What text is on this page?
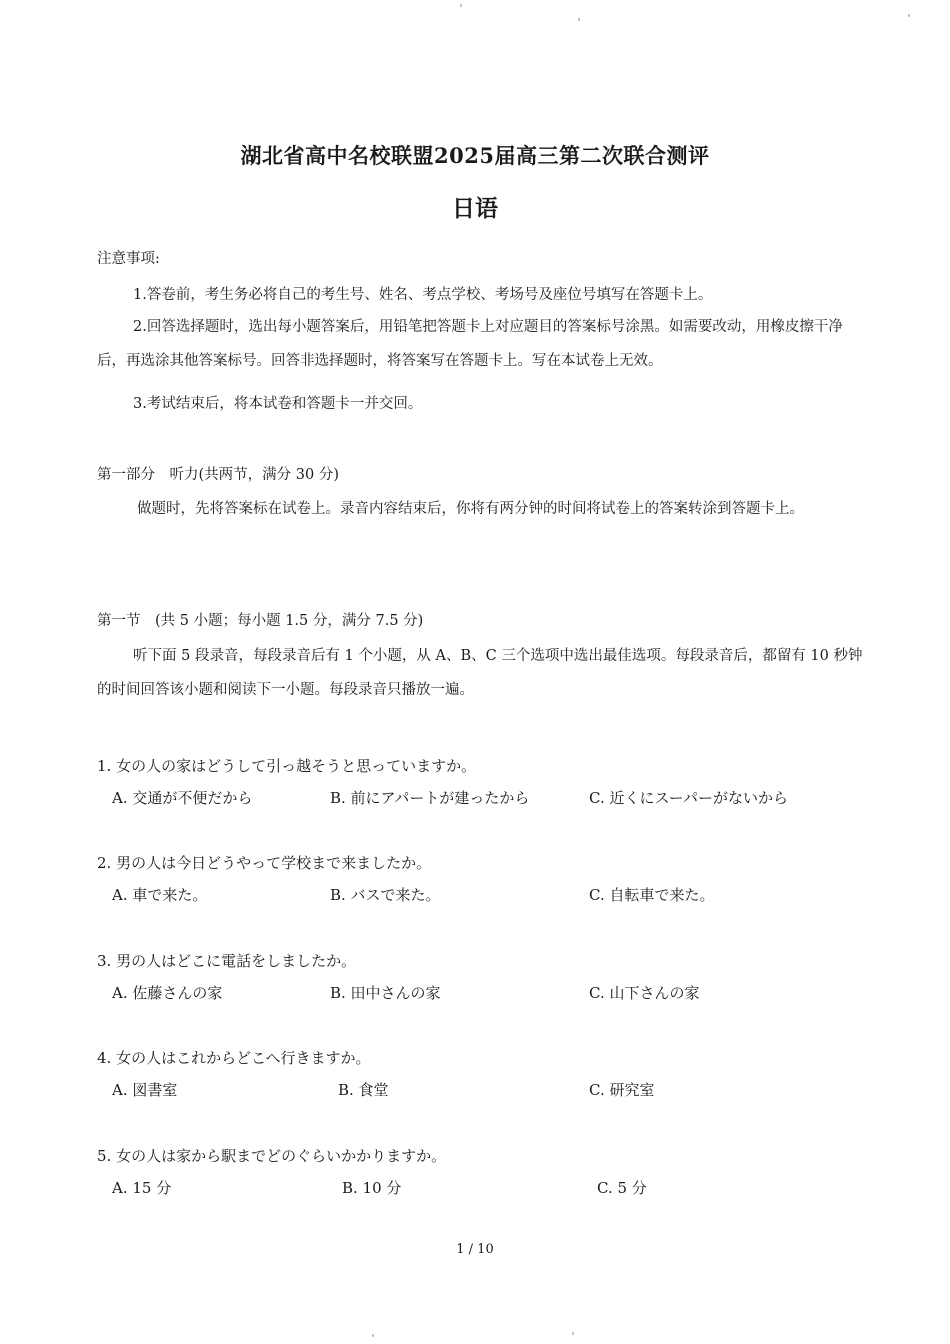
湖北省高中名校联盟2025届高三第二次联合测评
日语
注意事项:
1.答卷前，考生务必将自己的考生号、姓名、考点学校、考场号及座位号填写在答题卡上。
2.回答选择题时，选出每小题答案后，用铅笔把答题卡上对应题目的答案标号涂黑。如需要改动，用橡皮擦干净后，再选涂其他答案标号。回答非选择题时，将答案写在答题卡上。写在本试卷上无效。
3.考试结束后，将本试卷和答题卡一并交回。
第一部分　听力(共两节，满分 30 分)
做题时，先将答案标在试卷上。录音内容结束后，你将有两分钟的时间将试卷上的答案转涂到答题卡上。
第一节　(共 5 小题；每小题 1.5 分，满分 7.5 分)
听下面 5 段录音，每段录音后有 1 个小题，从 A、B、C 三个选项中选出最佳选项。每段录音后，都留有 10 秒钟的时间回答该小题和阅读下一小题。每段录音只播放一遍。
1. 女の人の家はどうして引っ越そうと思っていますか。
A. 交通が不便だから	B. 前にアパートが建ったから	C. 近くにスーパーがないから
2. 男の人は今日どうやって学校まで来ましたか。
A. 車で来た。	B. バスで来た。	C. 自転車で来た。
3. 男の人はどこに電話をしましたか。
A. 佐藤さんの家	B. 田中さんの家	C. 山下さんの家
4. 女の人はこれからどこへ行きますか。
A. 図書室	B. 食堂	C. 研究室
5. 女の人は家から駅までどのぐらいかかりますか。
A. 15 分	B. 10 分	C. 5 分
1 / 10
